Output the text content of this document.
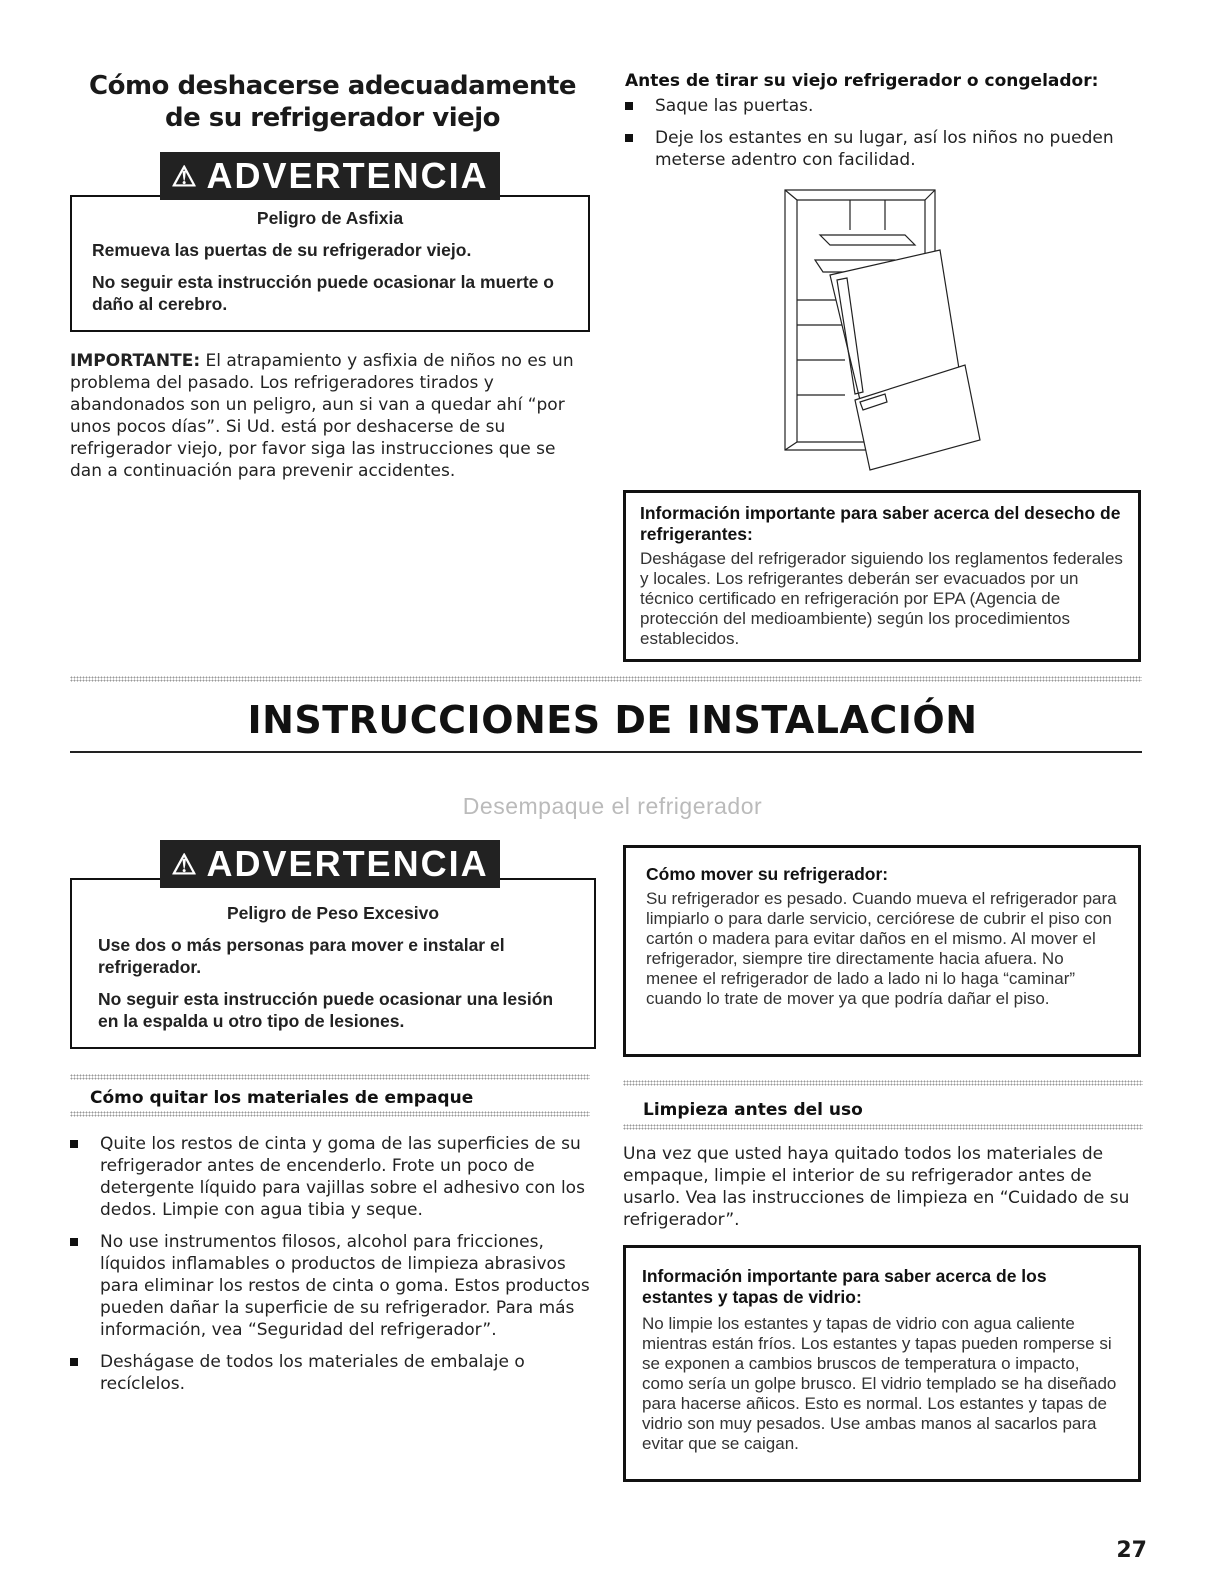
Cómo deshacerse adecuadamente
de su refrigerador viejo

Peligro de Asfixia

Remueva las puertas de su refrigerador viejo.

No seguir esta instrucción puede ocasionar la muerte o daño al cerebro.

⚠ ADVERTENCIA
IMPORTANTE: El atrapamiento y asfixia de niños no es un problema del pasado. Los refrigeradores tirados y abandonados son un peligro, aun si van a quedar ahí “por unos pocos días”. Si Ud. está por deshacerse de su refrigerador viejo, por favor siga las instrucciones que se dan a continuación para prevenir accidentes.
Antes de tirar su viejo refrigerador o congelador:
Saque las puertas.
Deje los estantes en su lugar, así los niños no pueden meterse adentro con facilidad.
Información importante para saber acerca del desecho de refrigerantes:
Deshágase del refrigerador siguiendo los reglamentos federales y locales. Los refrigerantes deberán ser evacuados por un técnico certificado en refrigeración por EPA (Agencia de protección del medioambiente) según los procedimientos establecidos.
INSTRUCCIONES DE INSTALACIÓN
Desempaque el refrigerador

Peligro de Peso Excesivo

Use dos o más personas para mover e instalar el refrigerador.

No seguir esta instrucción puede ocasionar una lesión en la espalda u otro tipo de lesiones.

⚠ ADVERTENCIA	Cómo mover su refrigerador:
Su refrigerador es pesado. Cuando mueva el refrigerador para limpiarlo o para darle servicio, cerciórese de cubrir el piso con cartón o madera para evitar daños en el mismo. Al mover el refrigerador, siempre tire directamente hacia afuera. No menee el refrigerador de lado a lado ni lo haga “caminar” cuando lo trate de mover ya que podría dañar el piso.
Cómo quitar los materiales de empaque
Quite los restos de cinta y goma de las superficies de su refrigerador antes de encenderlo. Frote un poco de detergente líquido para vajillas sobre el adhesivo con los dedos. Limpie con agua tibia y seque.
No use instrumentos filosos, alcohol para fricciones, líquidos inflamables o productos de limpieza abrasivos para eliminar los restos de cinta o goma. Estos productos pueden dañar la superficie de su refrigerador. Para más información, vea “Seguridad del refrigerador”.
Deshágase de todos los materiales de embalaje o recíclelos.
Limpieza antes del uso
Una vez que usted haya quitado todos los materiales de empaque, limpie el interior de su refrigerador antes de usarlo. Vea las instrucciones de limpieza en “Cuidado de su refrigerador”.
Información importante para saber acerca de los estantes y tapas de vidrio:
No limpie los estantes y tapas de vidrio con agua caliente mientras están fríos. Los estantes y tapas pueden romperse si se exponen a cambios bruscos de temperatura o impacto, como sería un golpe brusco. El vidrio templado se ha diseñado para hacerse añicos. Esto es normal. Los estantes y tapas de vidrio son muy pesados. Use ambas manos al sacarlos para evitar que se caigan.
27
